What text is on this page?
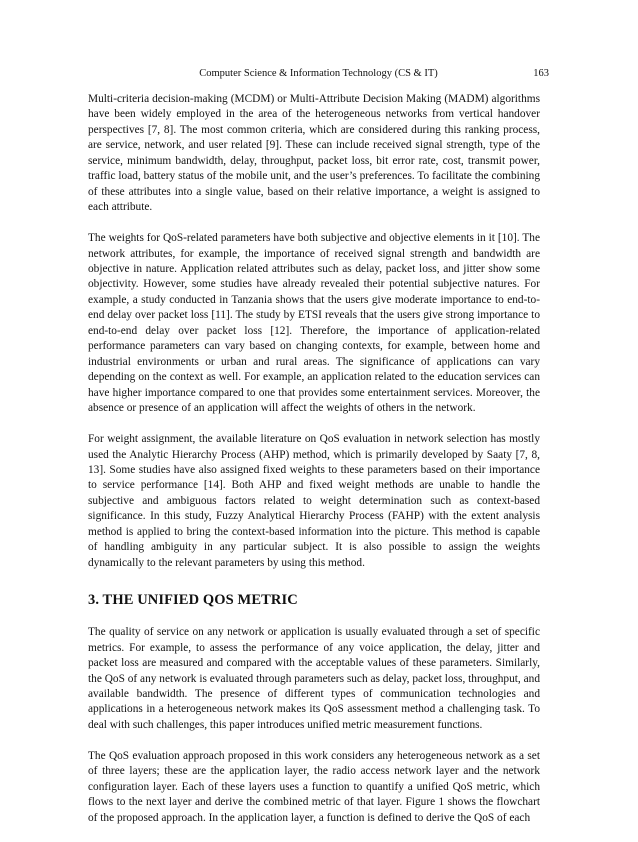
Computer Science & Information Technology (CS & IT)	163

Multi-criteria decision-making (MCDM) or Multi-Attribute Decision Making (MADM) algorithms have been widely employed in the area of the heterogeneous networks from vertical handover perspectives [7, 8]. The most common criteria, which are considered during this ranking process, are service, network, and user related [9]. These can include received signal strength, type of the service, minimum bandwidth, delay, throughput, packet loss, bit error rate, cost, transmit power, traffic load, battery status of the mobile unit, and the user’s preferences. To facilitate the combining of these attributes into a single value, based on their relative importance, a weight is assigned to each attribute.

The weights for QoS-related parameters have both subjective and objective elements in it [10]. The network attributes, for example, the importance of received signal strength and bandwidth are objective in nature. Application related attributes such as delay, packet loss, and jitter show some objectivity. However, some studies have already revealed their potential subjective natures. For example, a study conducted in Tanzania shows that the users give moderate importance to end-to-end delay over packet loss [11]. The study by ETSI reveals that the users give strong importance to end-to-end delay over packet loss [12]. Therefore, the importance of application-related performance parameters can vary based on changing contexts, for example, between home and industrial environments or urban and rural areas. The significance of applications can vary depending on the context as well. For example, an application related to the education services can have higher importance compared to one that provides some entertainment services. Moreover, the absence or presence of an application will affect the weights of others in the network.

For weight assignment, the available literature on QoS evaluation in network selection has mostly used the Analytic Hierarchy Process (AHP) method, which is primarily developed by Saaty [7, 8, 13]. Some studies have also assigned fixed weights to these parameters based on their importance to service performance [14]. Both AHP and fixed weight methods are unable to handle the subjective and ambiguous factors related to weight determination such as context-based significance. In this study, Fuzzy Analytical Hierarchy Process (FAHP) with the extent analysis method is applied to bring the context-based information into the picture. This method is capable of handling ambiguity in any particular subject. It is also possible to assign the weights dynamically to the relevant parameters by using this method.

3. THE UNIFIED QOS METRIC

The quality of service on any network or application is usually evaluated through a set of specific metrics. For example, to assess the performance of any voice application, the delay, jitter and packet loss are measured and compared with the acceptable values of these parameters. Similarly, the QoS of any network is evaluated through parameters such as delay, packet loss, throughput, and available bandwidth. The presence of different types of communication technologies and applications in a heterogeneous network makes its QoS assessment method a challenging task. To deal with such challenges, this paper introduces unified metric measurement functions.

The QoS evaluation approach proposed in this work considers any heterogeneous network as a set of three layers; these are the application layer, the radio access network layer and the network configuration layer. Each of these layers uses a function to quantify a unified QoS metric, which flows to the next layer and derive the combined metric of that layer. Figure 1 shows the flowchart of the proposed approach. In the application layer, a function is defined to derive the QoS of each
